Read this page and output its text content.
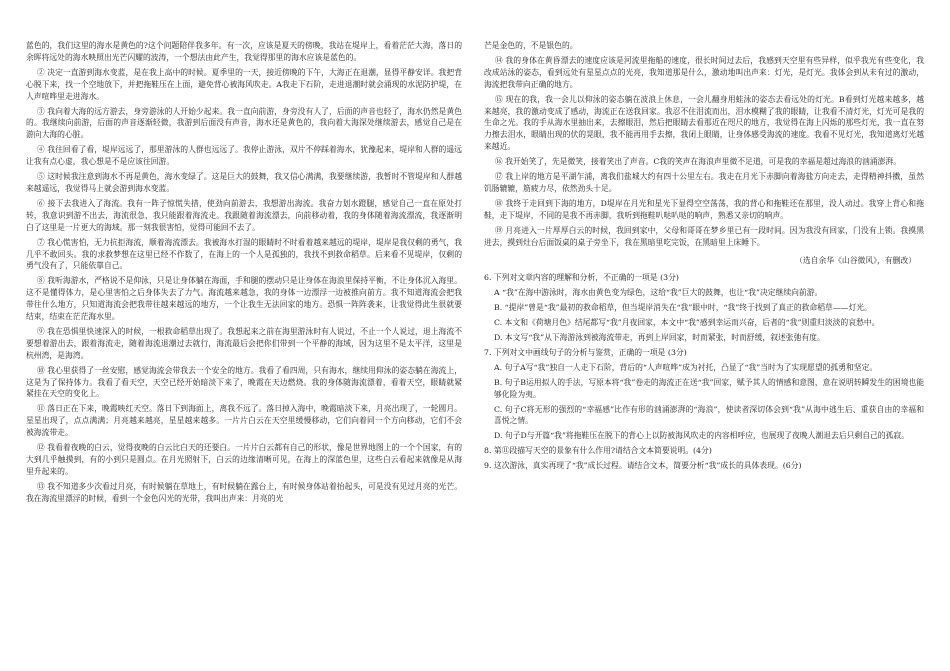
蓝色的，我们这里的海水是黄色的?这个问题陪伴我多年。有一次，应该是夏天的傍晚，我站在堤岸上，看着茫茫大海，落日的余晖将远处的海水映照出光芒闪耀的波涛，一个想法由此产生，我觉得那里的海水应该是蓝色的。

② 决定一直游到海水变蓝，是在我上高中的时候。夏季里的一天，接近傍晚的下午，大海正在退潮，显得平静安详。我把背心脱下来，找一个空地放下，并把拖鞋压在上面，避免背心被海风吹走。A我走下石阶，走进退潮时就会涌现的水泥防护堤，在人声喧哗里走进海水。

③ 我向着大海的远方游去，身旁游泳的人开始少起来。我一直向前游，身旁没有人了，后面的声音也轻了，海水仍然是黄色的。我继续向前游，后面的声音逐渐轻微，我游到后面没有声音，海水还是黄色的，我向着大海深处继续游去，感觉自己是在游向大海的心脏。

④ 我往回看了看，堤岸远远了，那里游泳的人群也远远了。我停止游泳，双片不停踩着海水，犹豫起来，堤岸和人群的遥远让我有点心虚，我心想是不是应该往回游。

⑤ 这时候我注意到海水不再是黄色，海水变绿了。这是巨大的鼓舞，我又信心满满，我要继续游，我暂时不管堤岸和人群越来越遥远，我觉得马上就会游到海水变蓝。

⑥ 接下去我进入了海流。我有一阵子惊慌失措，使劲向前游去，我想游出海流。我奋力划水蹬腿，感觉自己一直在原处打转，我意识到游不出去，海流很急，我只能跟着海流走。我跟随着海流漂去，向前移动着，我的身体随着海流漂流，我逐渐明白了这里是一片更大的海域。那一刻我很害怕，觉得可能回不去了。

⑦ 我心慌害怕，无力抗拒海流，顺着海流漂去。我被海水打湿的眼睛时不时看着越来越远的堤岸，堤岸是我仅剩的勇气，我几乎不敢回头。我的求救梦想在这里已经不作数了，在海上的一个人是孤独的，我找不到救命稻草。后来看不见堤岸，仅剩的勇气没有了，只能依靠自己。

⑧ 我听海游水，严格说不是仰泳，只是让身体躺在海面，手和腿的摆动只是让身体在海浪里保持平衡，不让身体沉入海里。这不是懂得体力，是心里害怕之后身体失去了力气。海流越来越急，我的身体一边漂浮一边被推向前方。我不知道海流会把我带往什么地方，只知道海流会把我带往越来越远的地方，一个让我生无法回家的地方。恐惧一阵阵袭来，让我觉得此生很就要结束，结束在茫茫海水里。

⑨ 我在恐惧里快速深入的时候，一根救命稻草出现了。我想起来之前在海里游泳时有人说过，不止一个人说过，退上海流不要想着游出去，跟着海流走，随着海流退潮过去就行，海流最后会把你们带到一个平静的海域，因为这里不是太平洋，这里是杭州湾，是海湾。

⑩ 我心里获得了一丝安慰，感觉海流会带我去一个安全的地方。我看了看四周，只有海水，继续用仰泳的姿态躺在海流上，这是为了保持体力。我看了看天空，天空已经开始暗淡下来了，晚霞在天边燃烧。我的身体随海流漂着，看着天空，眼睛就紧紧挂在天空的变化上。

⑪ 落日正在下来，晚霞映红天空。落日下到海面上，离我不远了。落日掉入海中，晚霞暗淡下来，月亮出现了，一轮圆月。星星出现了，点点满满；月亮越来越亮，星星越来越多。一片片白云在天空里缓慢移动，它们向着同一个方向移动，它们不会被海流带走。

⑫ 我看着夜晚的白云，觉得夜晚的白云比白天的还要白。一片片白云都有自己的形状，像是世界地图上的一个个国家，有的大到几乎触摸到，有的小到只是圆点。在月光照射下，白云的边缘清晰可见，在海上的深蓝色里，这些白云看起来就像是从海里升起来的。

⑬ 我不知道多少次看过月亮，有时候躺在草地上，有时候躺在露台上，有时候身体站着抬起头，可是没有见过月亮的光芒。我在海流里漂浮的时候，看到一个金色闪光的光带，我叫出声来：月亮的光

芒是金色的，不是银色的。

⑭ 我的身体在黄昏漂去的速度应该是河流里拖船的速度，很长时间过去后，我感到天空里有些异样，似乎我光有些变化，我改成站泳的姿态，看到远处有星星点点的光亮，我知道那是什么，激动地叫出声来：灯光，是灯光。我体会到从未有过的激动，海流把我带向正确的地方。

⑮ 现在的我，我一会儿以仰泳的姿态躺在波浪上休息，一会儿翻身用蛙泳的姿态去看远处的灯光。B看到灯光越来越多，越来越亮，我的激动变成了感动，海流正在送我回家。我忍不住泪流而出，泪水模糊了我的眼睛，让我看不清灯光，灯光可是我的生命之光。我的手从海水里抽出来，去擦眼泪，然后把眼睛去看那近在咫尺的地方，我觉得在海上闪烁的那些灯光，我一直在努力擦去泪水，眼睛出现的伏的晃眼，我不能再用手去擦，我闭上眼睛，让身体感受海流的速度。我看不见灯光，我知道离灯光越来越近。

⑯ 我开始笑了，先是微笑，接着笑出了声音。C我的笑声在海浪声里微不足道，可是我的幸福是超过海浪的汹涌澎湃。

⑰ 我上岸的地方是平湖乍浦，离我们盐城大约有四十公里左右。我走在月光下赤脚向着海盐方向走去，走得精神抖擞，虽然饥肠辘辘，筋疲力尽，依然劲头十足。

⑱ 我终于走回到下海的地方，D堤岸在月光和星光下显得空空荡荡，我的背心和拖鞋还在那里，没人动过。我穿上背心和拖鞋，走下堤岸，不同的是我不再赤脚，我听到拖鞋叭哒叭哒的响声，熟悉又亲切的响声。

⑲ 月亮进入一片厚厚白云的时候，我回到家中，父母和哥哥在梦乡里已有一段时间。因为我没有回家，门没有上锁。我摸黑进去，摸到灶台后面饭桌的桌子旁坐下，我在黑暗里吃完饭，在黑暗里上床睡下。

（选自余华《山谷微风》，有删改）

6. 下列对文章内容的理解和分析，不正确的一项是 (3分)

A “我”在海中游泳时，海水由黄色变为绿色，这给“我”巨大的鼓舞，也让“我”决定继续向前游。

B. “提岸”曾是“我”最初的救命稻草，但当堤岸消失在“我”眼中时，“我”终于找到了真正的救命稻草——灯光。

C. 本文和《荷塘月色》结尾都写“我”月夜回家，本文中“我”感到幸运而兴奋，后者的“我”则重归淡淡的哀愁中。

D. 本文写“我”从下海游泳到被海流带走，再到上岸回家，时而紧张，时而舒缓，叙述张弛有度。

7. 下列对文中画线句子的分析与鉴赏，正确的一项是 (3分)

A. 句子A写“我”独自一人走下石阶，背后的“人声喧哗”成为衬托，凸显了“我”当时为了实现愿望的孤勇和坚定。

B. 句子B运用拟人的手法，写原本将“我”卷走的海流正在送“我”回家，赋予其人的情感和意图，意在说明转瞬发生的困境也能够化险为夷。

C. 句子C将无形的强烈的“幸福感”比作有形的汹涌澎湃的“海浪”，使读者深切体会到“我”从海中逃生后、重获自由的幸福和喜悦之情。

D. 句子D与开篇“我”将拖鞋压在脱下的背心上以防被海风吹走的内容相呼应，也展现了夜晚人潮退去后只剩自己的孤寂。

8. 第⑪段描写天空的景象有什么作用?请结合文本简要说明。(4分)

9. 这次游泳，真实再现了“我”成长过程。请结合文本，简要分析“我”成长的具体表现。(6分)
